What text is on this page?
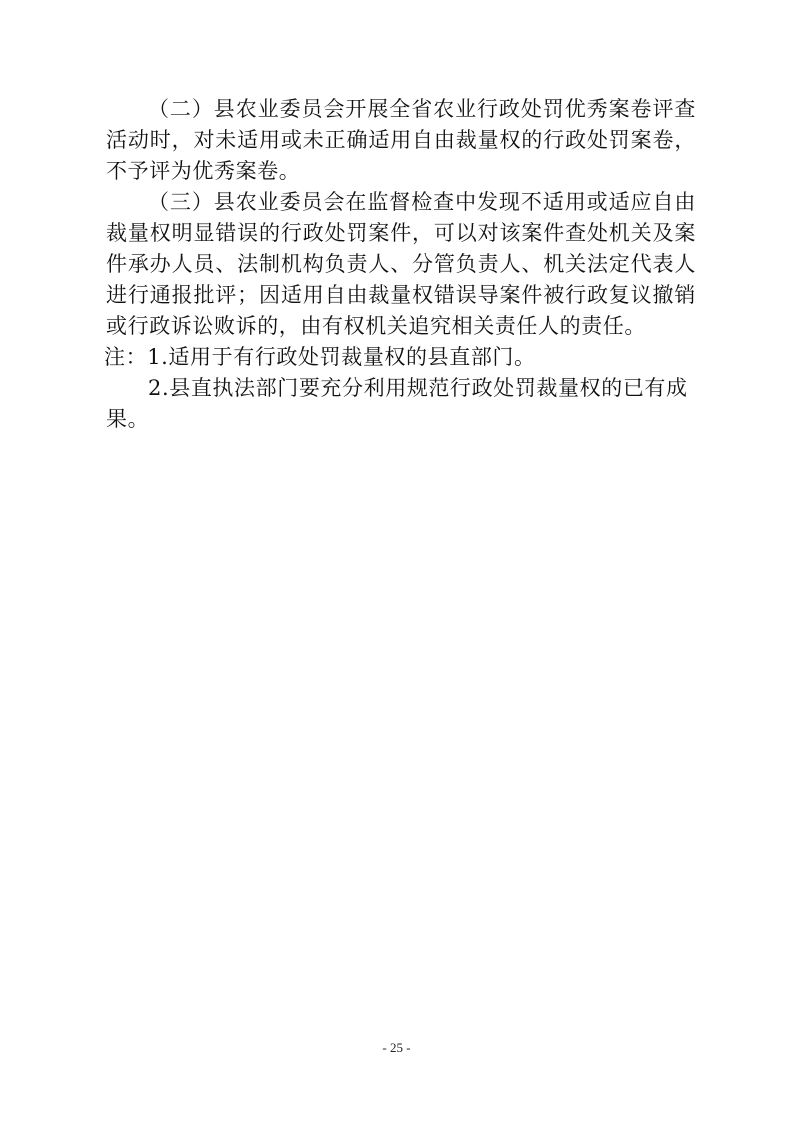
（二）县农业委员会开展全省农业行政处罚优秀案卷评查活动时，对未适用或未正确适用自由裁量权的行政处罚案卷，不予评为优秀案卷。

（三）县农业委员会在监督检查中发现不适用或适应自由裁量权明显错误的行政处罚案件，可以对该案件查处机关及案件承办人员、法制机构负责人、分管负责人、机关法定代表人进行通报批评；因适用自由裁量权错误导案件被行政复议撤销或行政诉讼败诉的，由有权机关追究相关责任人的责任。

注：1.适用于有行政处罚裁量权的县直部门。

2.县直执法部门要充分利用规范行政处罚裁量权的已有成果。

- 25 -
